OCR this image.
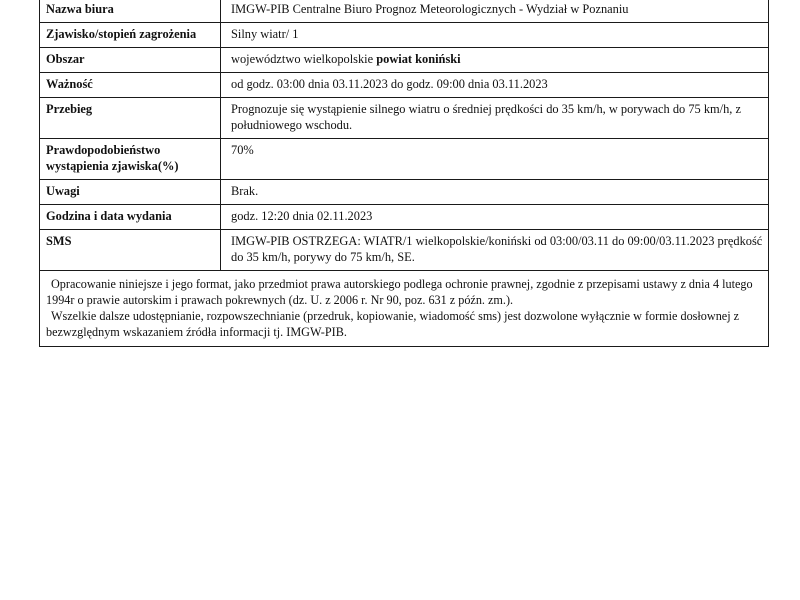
Nazwa biura	IMGW-PIB Centralne Biuro Prognoz Meteorologicznych - Wydział w Poznaniu
Zjawisko/stopień zagrożenia	Silny wiatr/ 1
Obszar	województwo wielkopolskie powiat koniński
Ważność	od godz. 03:00 dnia 03.11.2023 do godz. 09:00 dnia 03.11.2023
Przebieg	Prognozuje się wystąpienie silnego wiatru o średniej prędkości do 35 km/h, w porywach do 75 km/h, z południowego wschodu.
Prawdopodobieństwo wystąpienia zjawiska(%)	70%
Uwagi	Brak.
Godzina i data wydania	godz. 12:20 dnia 02.11.2023
SMS	IMGW-PIB OSTRZEGA: WIATR/1 wielkopolskie/koniński od 03:00/03.11 do 09:00/03.11.2023 prędkość do 35 km/h, porywy do 75 km/h, SE.

Opracowanie niniejsze i jego format, jako przedmiot prawa autorskiego podlega ochronie prawnej, zgodnie z przepisami ustawy z dnia 4 lutego 1994r o prawie autorskim i prawach pokrewnych (dz. U. z 2006 r. Nr 90, poz. 631 z późn. zm.).

Wszelkie dalsze udostępnianie, rozpowszechnianie (przedruk, kopiowanie, wiadomość sms) jest dozwolone wyłącznie w formie dosłownej z bezwzględnym wskazaniem źródła informacji tj. IMGW-PIB.
